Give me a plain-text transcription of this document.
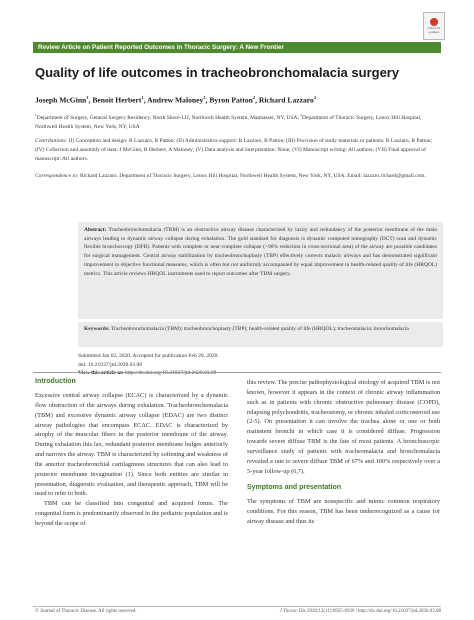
Check for updates
Review Article on Patient Reported Outcomes in Thoracic Surgery: A New Frontier
Quality of life outcomes in tracheobronchomalacia surgery
Joseph McGinn$^1$, Benoit Herbert$^1$, Andrew Maloney$^2$, Byron Patton$^2$, Richard Lazzaro$^2$
$^1$Department of Surgery, General Surgery Residency, North Shore-LIJ, Northwell Health System, Manhasset, NY, USA; $^2$Department of Thoracic Surgery, Lenox Hill Hospital, Northwell Health System, New York, NY, USA
Contributions: (I) Conception and design: R Lazzaro, B Patton; (II) Administrative support: R Lazzaro, B Patton; (III) Provision of study materials or patients: R Lazzaro, B Patton; (IV) Collection and assembly of data: J McGinn, B Herbert, A Maloney; (V) Data analysis and interpretation: None; (VI) Manuscript writing: All authors; (VII) Final approval of manuscript: All authors.
Correspondence to: Richard Lazzaro. Department of Thoracic Surgery, Lenox Hill Hospital, Northwell Health System, New York, NY, USA. Email: lazzaro.richard@gmail.com.
Abstract: Tracheobronchomalacia (TBM) is an obstructive airway disease characterized by laxity and redundancy of the posterior membrane of the main airways leading to dynamic airway collapse during exhalation. The gold standard for diagnosis is dynamic computed tomography (DCT) scan and dynamic flexible bronchoscopy (DFB). Patients with complete or near-complete collapse (>90% reduction in cross-sectional area) of the airway are possible candidates for surgical management. Central airway stabilization by tracheobronchoplasty (TBP) effectively corrects malacic airways and has demonstrated significant improvement in objective functional measures, which is often but not uniformly accompanied by equal improvement in health-related quality of life (HRQOL) metrics. This article reviews HRQOL instruments used to report outcomes after TBM surgery.
Keywords: Tracheobronchomalacia (TBM); tracheobronchoplasty (TBP); health-related quality of life (HRQOL); tracheomalacia; bronchomalacia
Submitted Jan 02, 2020. Accepted for publication Feb 20, 2020.
doi: 10.21037/jtd.2020.03.08
View this article at: http://dx.doi.org/10.21037/jtd.2020.03.08
Introduction

Excessive central airway collapse (ECAC) is characterized by a dynamic flow obstruction of the airways during exhalation. Tracheobronchomalacia (TBM) and excessive dynamic airway collapse (EDAC) are two distinct airway pathologies that encompass ECAC. EDAC is characterized by atrophy of the muscular fibers in the posterior membrane of the airway. During exhalation this lax, redundant posterior membrane bulges anteriorly and narrows the airway. TBM is characterized by softening and weakness of the anterior tracheobronchial cartilaginous structures that can also lead to posterior membrane invagination (1). Since both entities are similar in presentation, diagnostic evaluation, and therapeutic approach, TBM will be used to refer to both.

TBM can be classified into congenital and acquired forms. The congenital form is predominantly observed in the pediatric population and is beyond the scope of

this review. The precise pathophysiological etiology of acquired TBM is not known, however it appears in the context of chronic airway inflammation such as in patients with chronic obstructive pulmonary disease (COPD), relapsing polychondritis, tracheostomy, or chronic inhaled corticosteroid use (2-5). On presentation it can involve the trachea alone or one or both mainstem bronchi in which case it is considered diffuse. Progression towards severe diffuse TBM is the fate of most patients. A bronchoscopic surveillance study of patients with tracheomalacia and bronchomalacia revealed a rate to severe diffuse TBM of 67% and 100% respectively over a 5-year follow-up (6,7).

Symptoms and presentation

The symptoms of TBM are nonspecific and mimic common respiratory conditions. For this reason, TBM has been underrecognized as a cause for airway disease and thus its

© Journal of Thoracic Disease. All rights reserved.	J Thorac Dis 2020;12(11):6925-6930 | http://dx.doi.org/10.21037/jtd.2020.03.08
